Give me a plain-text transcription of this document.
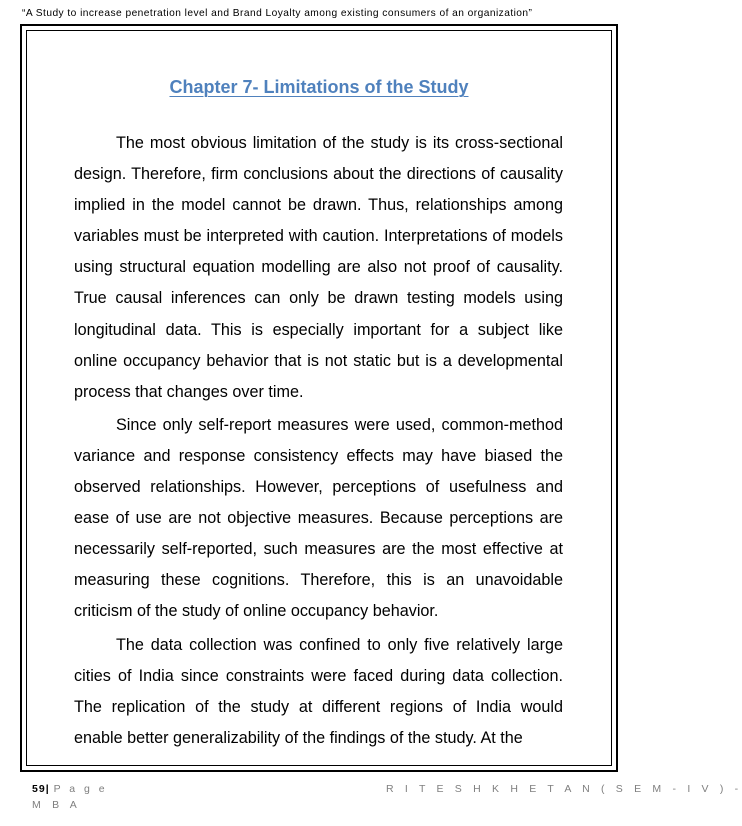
“A Study to increase penetration level and Brand Loyalty among existing consumers of an organization”
Chapter 7- Limitations of the Study

The most obvious limitation of the study is its cross-sectional design. Therefore, firm conclusions about the directions of causality implied in the model cannot be drawn. Thus, relationships among variables must be interpreted with caution. Interpretations of models using structural equation modelling are also not proof of causality. True causal inferences can only be drawn testing models using longitudinal data. This is especially important for a subject like online occupancy behavior that is not static but is a developmental process that changes over time.

Since only self-report measures were used, common-method variance and response consistency effects may have biased the observed relationships. However, perceptions of usefulness and ease of use are not objective measures. Because perceptions are necessarily self-reported, such measures are the most effective at measuring these cognitions. Therefore, this is an unavoidable criticism of the study of online occupancy behavior.

The data collection was confined to only five relatively large cities of India since constraints were faced during data collection. The replication of the study at different regions of India would enable better generalizability of the findings of the study. At the

59| P a g e	R I T E S H K H E T A N ( S E M - I V ) -
M B A
